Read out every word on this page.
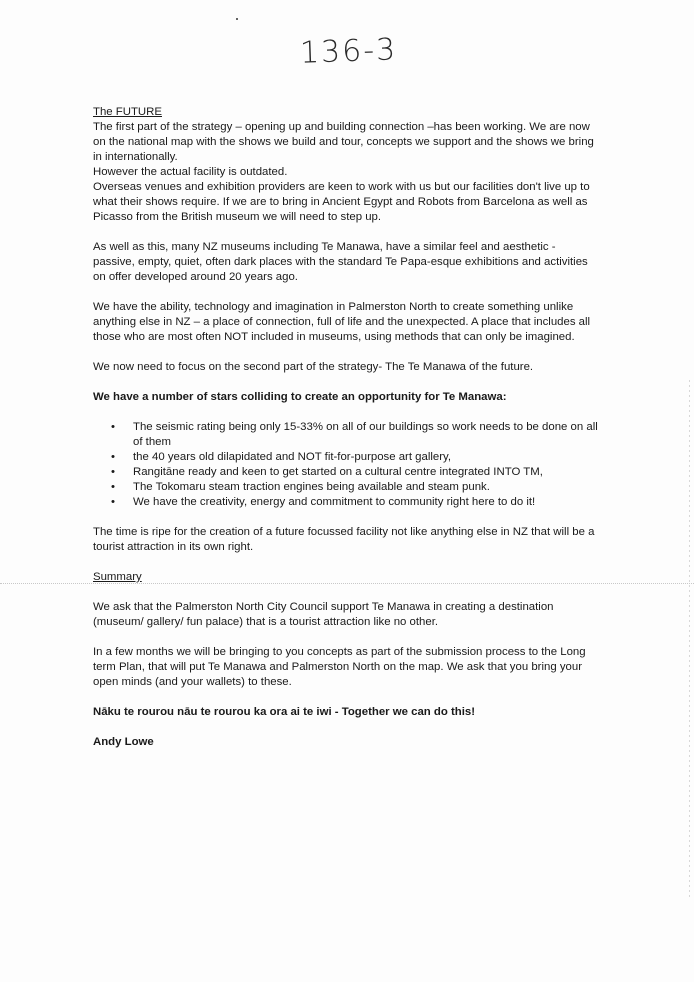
136-3

The FUTURE

The first part of the strategy – opening up and building connection –has been working. We are now on the national map with the shows we build and tour, concepts we support and the shows we bring in internationally.

However the actual facility is outdated.

Overseas venues and exhibition providers are keen to work with us but our facilities don't live up to what their shows require. If we are to bring in Ancient Egypt and Robots from Barcelona as well as Picasso from the British museum we will need to step up.

As well as this, many NZ museums including Te Manawa, have a similar feel and aesthetic - passive, empty, quiet, often dark places with the standard Te Papa-esque exhibitions and activities on offer developed around 20 years ago.

We have the ability, technology and imagination in Palmerston North to create something unlike anything else in NZ – a place of connection, full of life and the unexpected. A place that includes all those who are most often NOT included in museums, using methods that can only be imagined.

We now need to focus on the second part of the strategy- The Te Manawa of the future.

We have a number of stars colliding to create an opportunity for Te Manawa:

• The seismic rating being only 15-33% on all of our buildings so work needs to be done on all of them
• the 40 years old dilapidated and NOT fit-for-purpose art gallery,
• Rangitāne ready and keen to get started on a cultural centre integrated INTO TM,
• The Tokomaru steam traction engines being available and steam punk.
• We have the creativity, energy and commitment to community right here to do it!

The time is ripe for the creation of a future focussed facility not like anything else in NZ that will be a tourist attraction in its own right.

Summary

We ask that the Palmerston North City Council support Te Manawa in creating a destination (museum/ gallery/ fun palace) that is a tourist attraction like no other.

In a few months we will be bringing to you concepts as part of the submission process to the Long term Plan, that will put Te Manawa and Palmerston North on the map. We ask that you bring your open minds (and your wallets) to these.

Nāku te rourou nāu te rourou ka ora ai te iwi - Together we can do this!

Andy Lowe
